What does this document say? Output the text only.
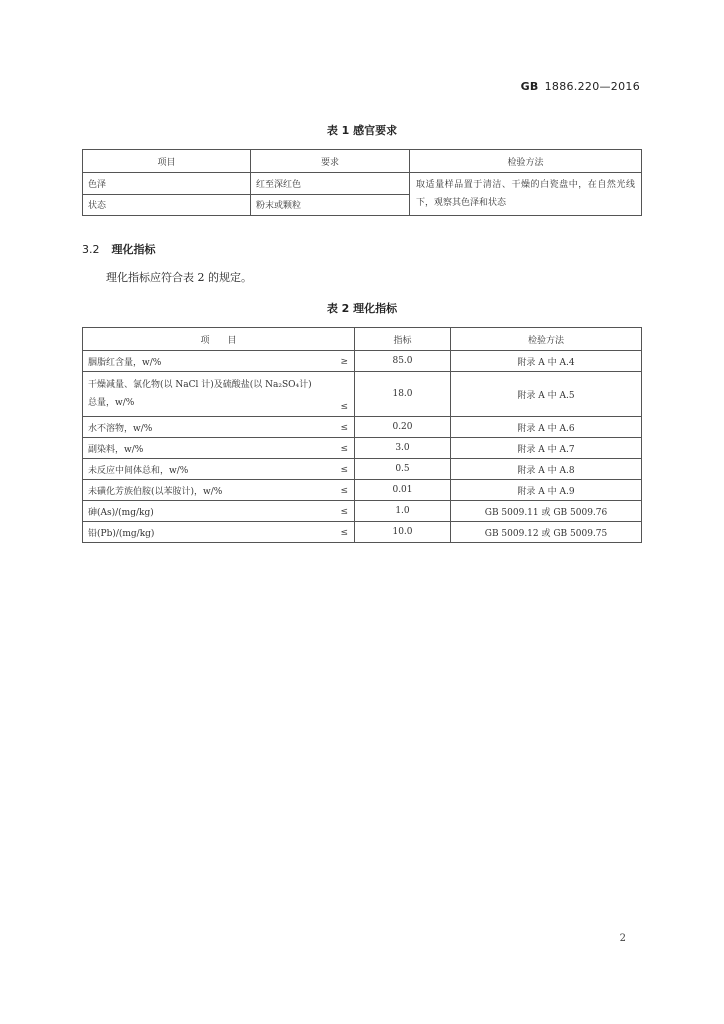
GB 1886.220—2016
表 1 感官要求
项目	要求	检验方法
色泽	红至深红色	取适量样品置于清洁、干燥的白瓷盘中，在自然光线下，观察其色泽和状态
状态	粉末或颗粒	
3.2 理化指标
理化指标应符合表 2 的规定。
表 2 理化指标
项　　目	指标	检验方法
胭脂红含量，w/% ≥	85.0	附录 A 中 A.4

干燥减量、氯化物(以 NaCl 计)及硫酸盐(以 Na₂SO₄计)
总量，w/% ≤	18.0	附录 A 中 A.5
水不溶物，w/% ≤	0.20	附录 A 中 A.6
副染料，w/% ≤	3.0	附录 A 中 A.7
未反应中间体总和，w/% ≤	0.5	附录 A 中 A.8
未磺化芳族伯胺(以苯胺计)，w/% ≤	0.01	附录 A 中 A.9
砷(As)/(mg/kg) ≤	1.0	GB 5009.11 或 GB 5009.76
铅(Pb)/(mg/kg) ≤	10.0	GB 5009.12 或 GB 5009.75
2
